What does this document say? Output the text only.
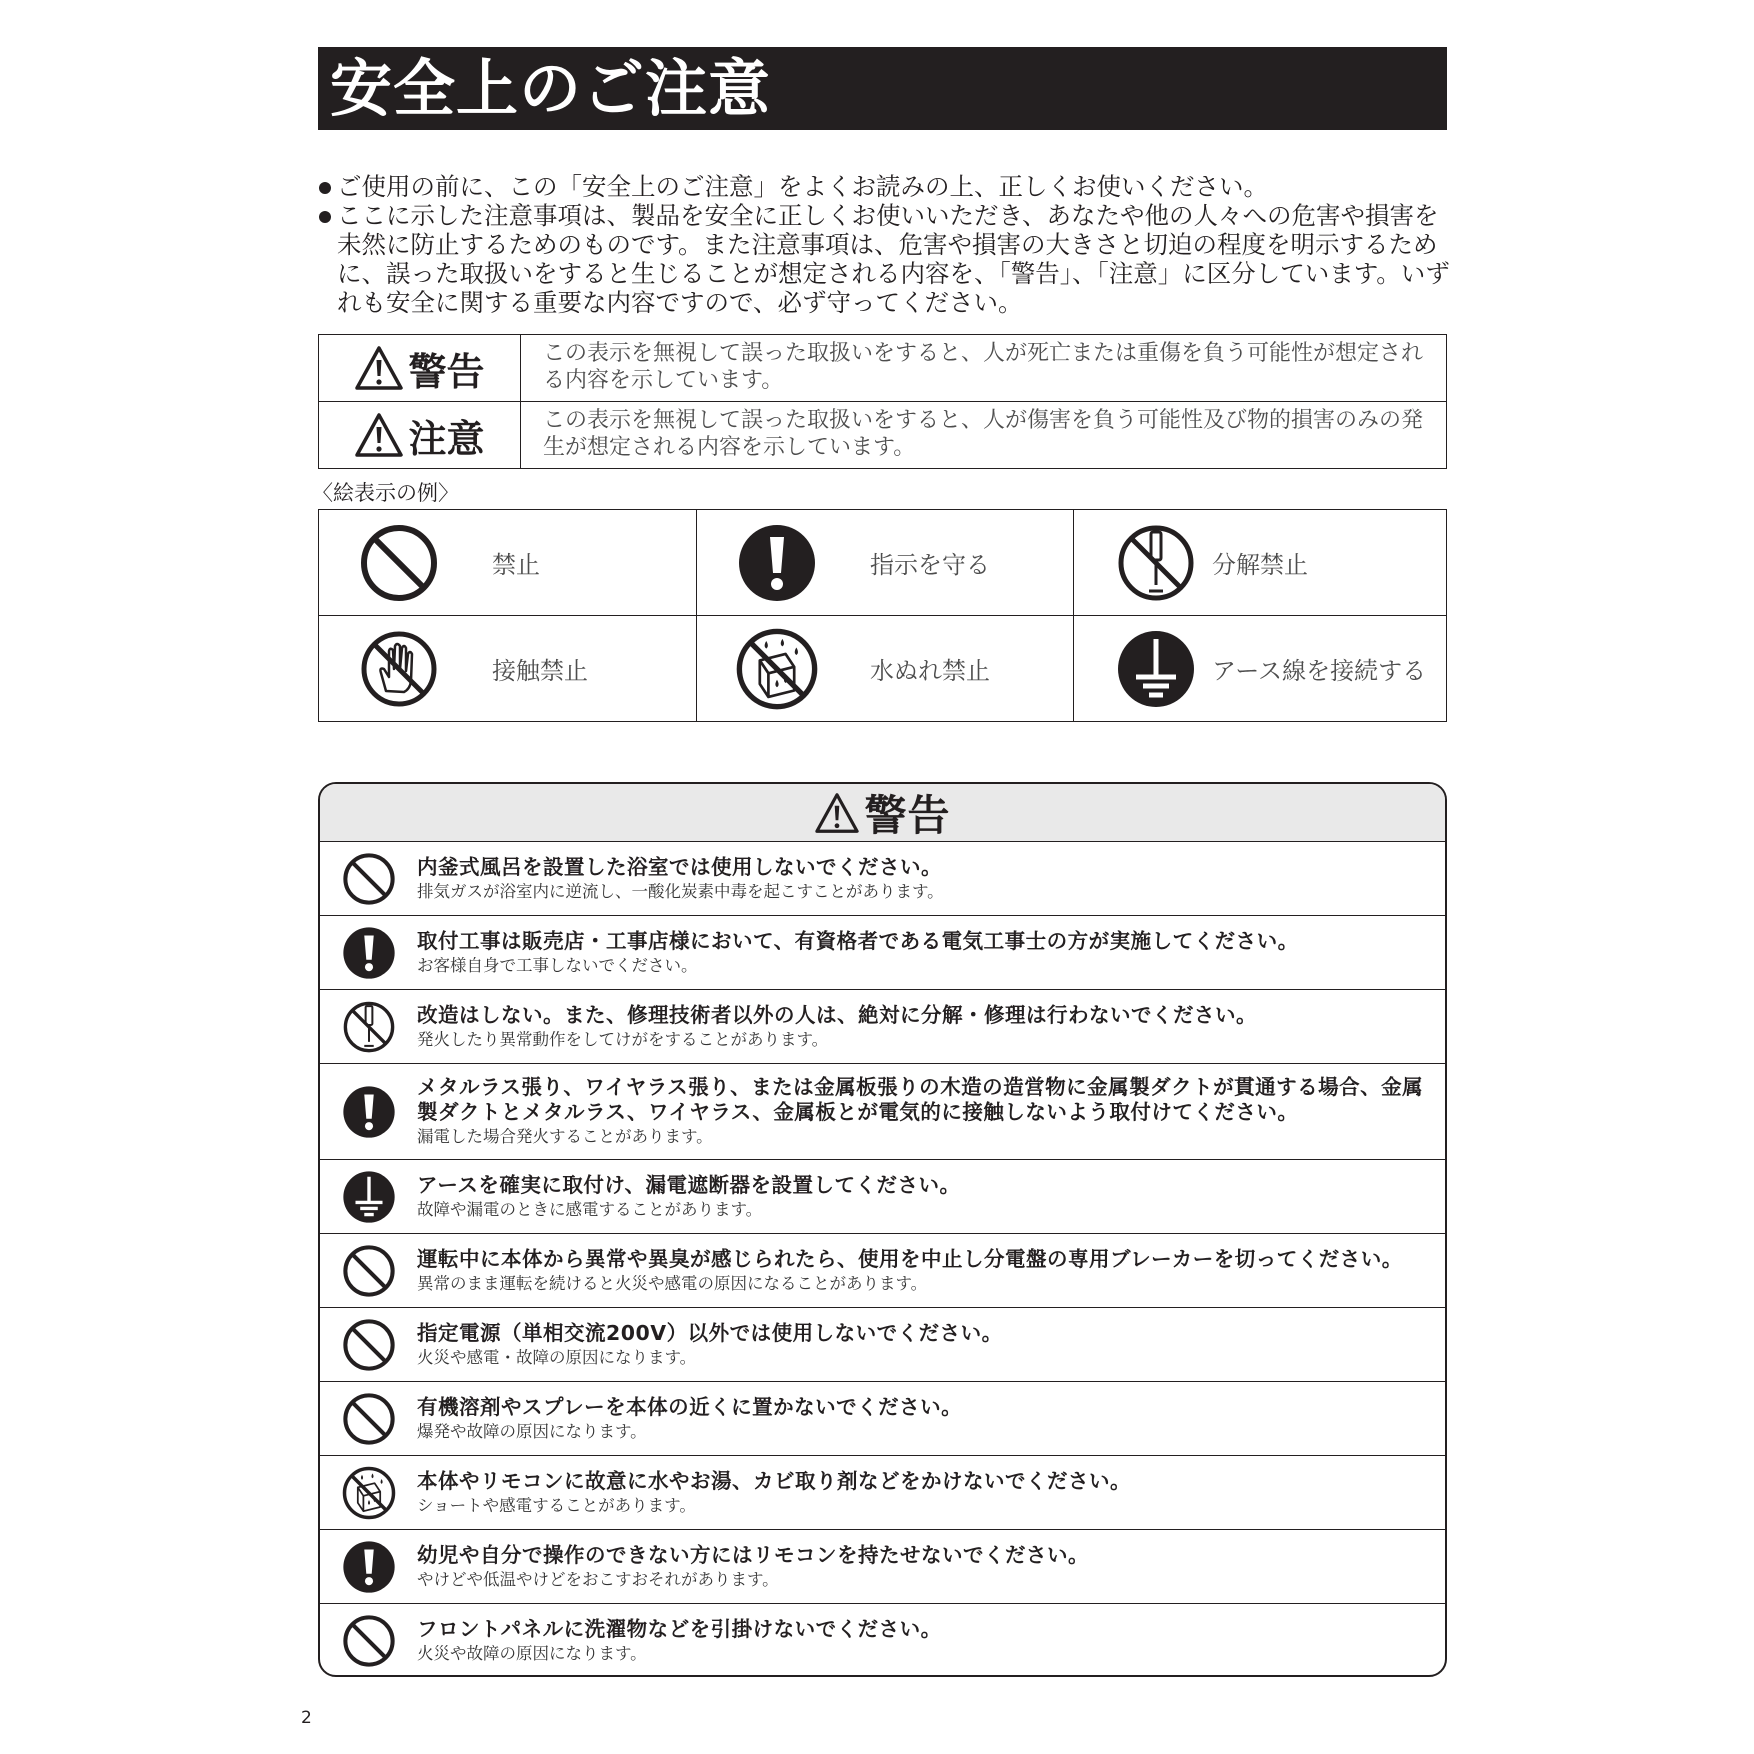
安全上のご注意
ご使用の前に、この「安全上のご注意」をよくお読みの上、正しくお使いください。
ここに示した注意事項は、製品を安全に正しくお使いいただき、あなたや他の人々への危害や損害を未然に防止するためのものです。また注意事項は、危害や損害の大きさと切迫の程度を明示するために、誤った取扱いをすると生じることが想定される内容を、「警告」、「注意」に区分しています。いずれも安全に関する重要な内容ですので、必ず守ってください。
警告	この表示を無視して誤った取扱いをすると、人が死亡または重傷を負う可能性が想定される内容を示しています。

注意	この表示を無視して誤った取扱いをすると、人が傷害を負う可能性及び物的損害のみの発生が想定される内容を示しています。
〈絵表示の例〉
禁止	指示を守る	分解禁止

接触禁止	水ぬれ禁止	アース線を接続する
警告
内釜式風呂を設置した浴室では使用しないでください。
排気ガスが浴室内に逆流し、一酸化炭素中毒を起こすことがあります。
取付工事は販売店・工事店様において、有資格者である電気工事士の方が実施してください。
お客様自身で工事しないでください。
改造はしない。また、修理技術者以外の人は、絶対に分解・修理は行わないでください。
発火したり異常動作をしてけがをすることがあります。
メタルラス張り、ワイヤラス張り、または金属板張りの木造の造営物に金属製ダクトが貫通する場合、金属製ダクトとメタルラス、ワイヤラス、金属板とが電気的に接触しないよう取付けてください。
漏電した場合発火することがあります。
アースを確実に取付け、漏電遮断器を設置してください。
故障や漏電のときに感電することがあります。
運転中に本体から異常や異臭が感じられたら、使用を中止し分電盤の専用ブレーカーを切ってください。
異常のまま運転を続けると火災や感電の原因になることがあります。
指定電源（単相交流200V）以外では使用しないでください。
火災や感電・故障の原因になります。
有機溶剤やスプレーを本体の近くに置かないでください。
爆発や故障の原因になります。
本体やリモコンに故意に水やお湯、カビ取り剤などをかけないでください。
ショートや感電することがあります。
幼児や自分で操作のできない方にはリモコンを持たせないでください。
やけどや低温やけどをおこすおそれがあります。
フロントパネルに洗濯物などを引掛けないでください。
火災や故障の原因になります。
2
